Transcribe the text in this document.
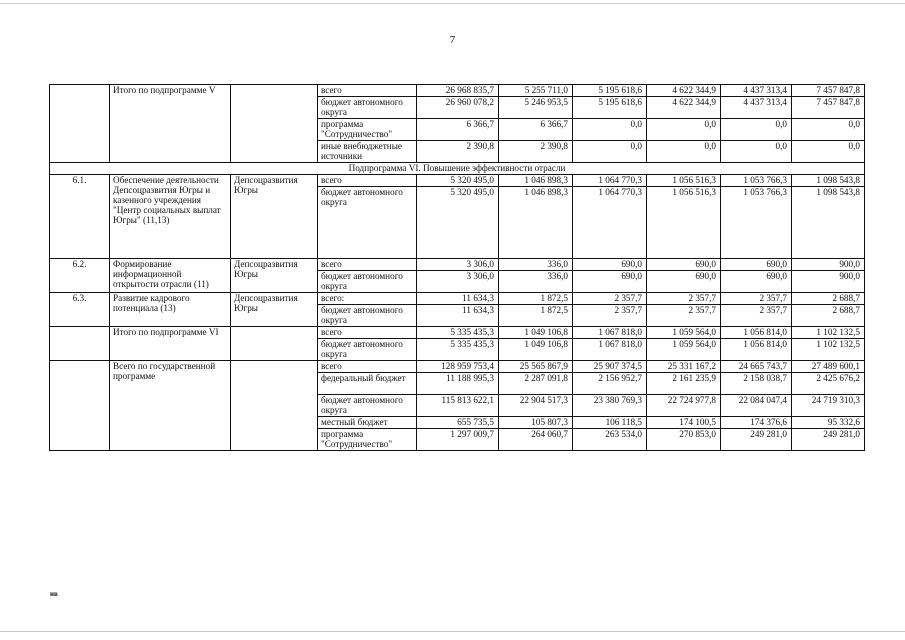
7
	Итого по подпрограмме V		всего	26 968 835,7	5 255 711,0	5 195 618,6	4 622 344,9	4 437 313,4	7 457 847,8
			бюджет автономного округа	26 960 078,2	5 246 953,5	5 195 618,6	4 622 344,9	4 437 313,4	7 457 847,8
			программа "Сотрудничество"	6 366,7	6 366,7	0,0	0,0	0,0	0,0
			иные внебюджетные источники	2 390,8	2 390,8	0,0	0,0	0,0	0,0
Подпрограмма VI. Повышение эффективности отрасли									
6.1.	Обеспечение деятельности Депсоцразвития Югры и казенного учреждения "Центр социальных выплат Югры" (11,13)	Депсоцразвития Югры	всего	5 320 495,0	1 046 898,3	1 064 770,3	1 056 516,3	1 053 766,3	1 098 543,8
			бюджет автономного округа	5 320 495,0	1 046 898,3	1 064 770,3	1 056 516,3	1 053 766,3	1 098 543,8
6.2.	Формирование информационной открытости отрасли (11)	Депсоцразвития Югры	всего	3 306,0	336,0	690,0	690,0	690,0	900,0
			бюджет автономного округа	3 306,0	336,0	690,0	690,0	690,0	900,0
6.3.	Развитие кадрового потенциала (13)	Депсоцразвития Югры	всего:	11 634,3	1 872,5	2 357,7	2 357,7	2 357,7	2 688,7
			бюджет автономного округа	11 634,3	1 872,5	2 357,7	2 357,7	2 357,7	2 688,7
	Итого по подпрограмме VI		всего	5 335 435,3	1 049 106,8	1 067 818,0	1 059 564,0	1 056 814,0	1 102 132,5
			бюджет автономного округа	5 335 435,3	1 049 106,8	1 067 818,0	1 059 564,0	1 056 814,0	1 102 132,5
	Всего по государственной программе		всего	128 959 753,4	25 565 867,9	25 907 374,5	25 331 167,2	24 665 743,7	27 489 600,1
			федеральный бюджет	11 188 995,3	2 287 091,8	2 156 952,7	2 161 235,9	2 158 038,7	2 425 676,2
			бюджет автономного округа	115 813 622,1	22 904 517,3	23 380 769,3	22 724 977,8	22 084 047,4	24 719 310,3
			местный бюджет	655 735,5	105 807,3	106 118,5	174 100,5	174 376,6	95 332,6
			программа "Сотрудничество"	1 297 009,7	264 060,7	263 534,0	270 853,0	249 281,0	249 281,0
ив
